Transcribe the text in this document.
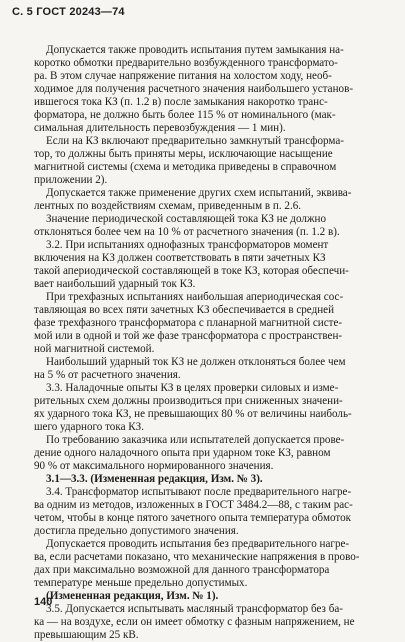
С. 5 ГОСТ 20243—74
Допускается также проводить испытания путем замыкания на-
коротко обмотки предварительно возбужденного трансформато-
ра. В этом случае напряжение питания на холостом ходу, необ-
ходимое для получения расчетного значения наибольшего установ-
ившегося тока КЗ (п. 1.2 в) после замыкания накоротко транс-
форматора, не должно быть более 115 % от номинального (мак-
симальная длительность перевозбуждения — 1 мин).
Если на КЗ включают предварительно замкнутый трансформа-
тор, то должны быть приняты меры, исключающие насыщение
магнитной системы (схема и методика приведены в справочном
приложении 2).
Допускается также применение других схем испытаний, эквива-
лентных по воздействиям схемам, приведенным в п. 2.6.
Значение периодической составляющей тока КЗ не должно
отклоняться более чем на 10 % от расчетного значения (п. 1.2 в).
3.2. При испытаниях однофазных трансформаторов момент
включения на КЗ должен соответствовать в пяти зачетных КЗ
такой апериодической составляющей в токе КЗ, которая обеспечи-
вает наибольший ударный ток КЗ.
При трехфазных испытаниях наибольшая апериодическая сос-
тавляющая во всех пяти зачетных КЗ обеспечивается в средней
фазе трехфазного трансформатора с планарной магнитной систе-
мой или в одной и той же фазе трансформатора с пространствен-
ной магнитной системой.
Наибольший ударный ток КЗ не должен отклоняться более чем
на 5 % от расчетного значения.
3.3. Наладочные опыты КЗ в целях проверки силовых и изме-
рительных схем должны производиться при сниженных значени-
ях ударного тока КЗ, не превышающих 80 % от величины наиболь-
шего ударного тока КЗ.
По требованию заказчика или испытателей допускается прове-
дение одного наладочного опыта при ударном токе КЗ, равном
90 % от максимального нормированного значения.
3.1—3.3. (Измененная редакция, Изм. № 3).
3.4. Трансформатор испытывают после предварительного нагре-
ва одним из методов, изложенных в ГОСТ 3484.2—88, с таким рас-
четом, чтобы в конце пятого зачетного опыта температура обмоток
достигла предельно допустимого значения.
Допускается проводить испытания без предварительного нагре-
ва, если расчетами показано, что механические напряжения в прово-
дах при максимально возможной для данного трансформатора
температуре меньше предельно допустимых.
(Измененная редакция, Изм. № 1).
3.5. Допускается испытывать масляный трансформатор без ба-
ка — на воздухе, если он имеет обмотку с фазным напряжением, не
превышающим 25 кВ.
140
